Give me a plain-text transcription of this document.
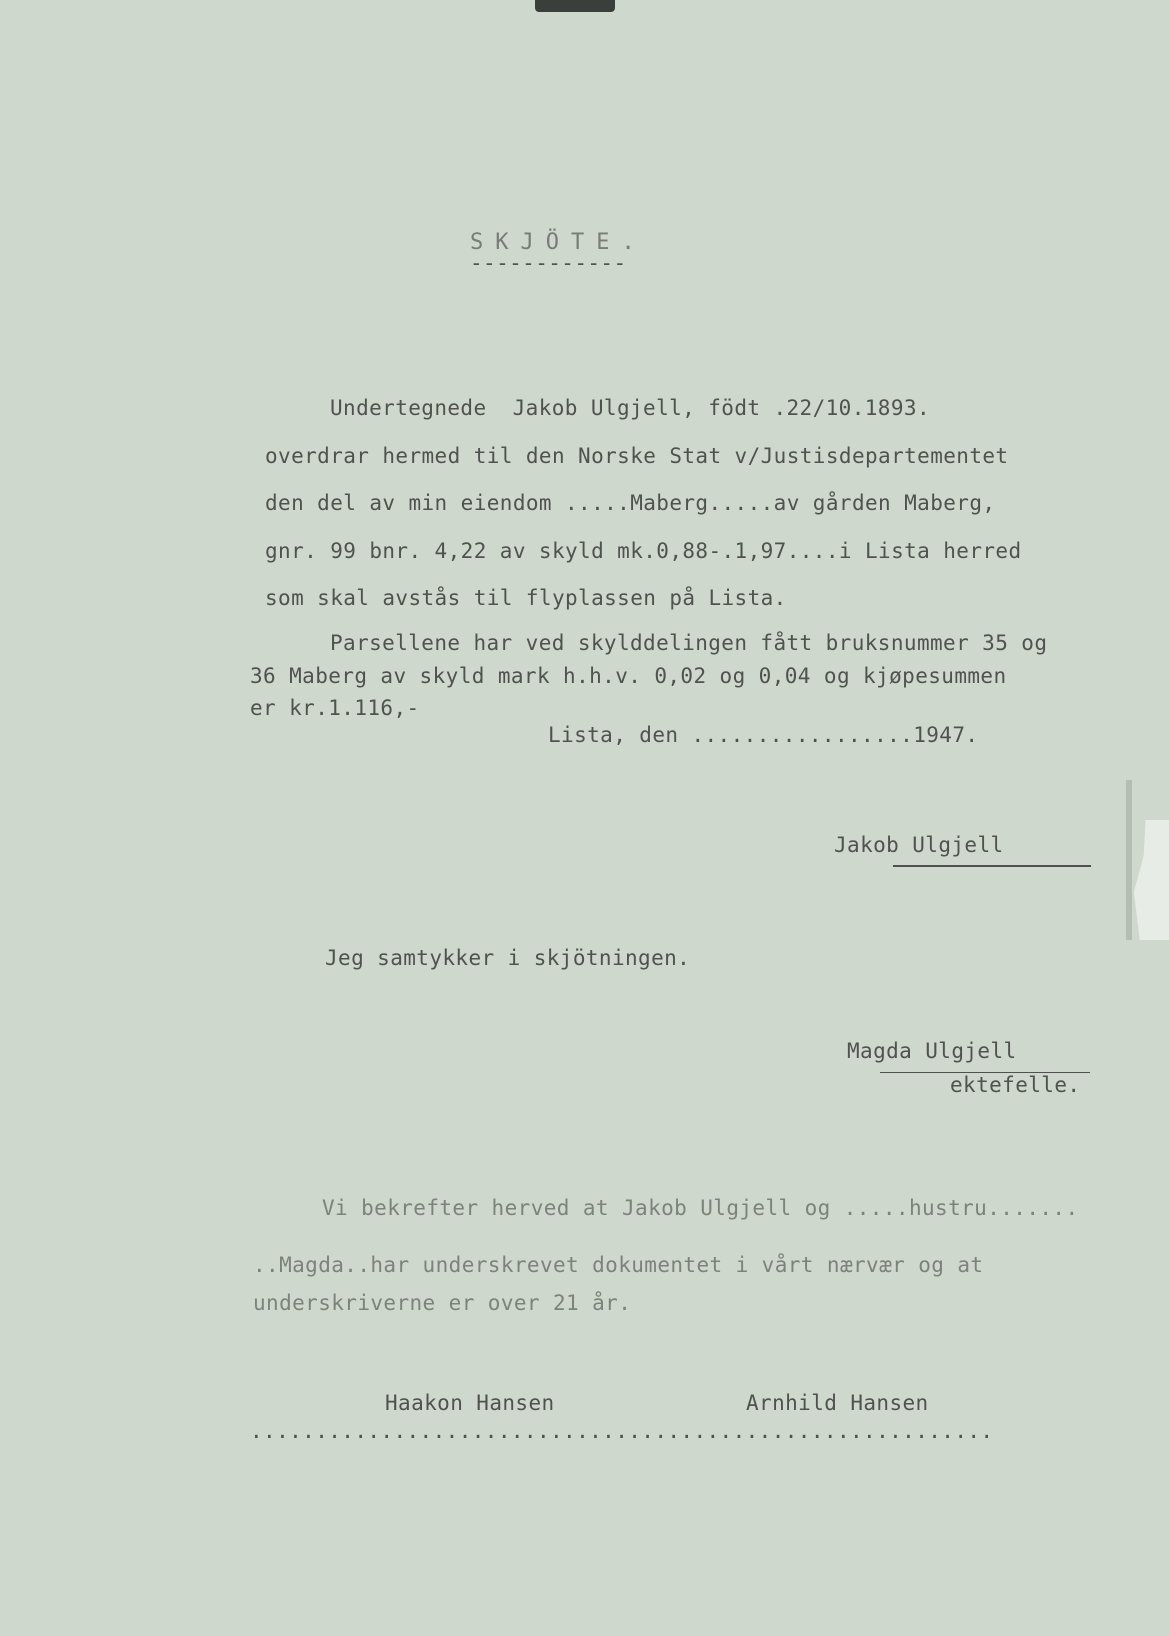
SKJÖTE.
------------
Undertegnede  Jakob Ulgjell, födt .22/10.1893.
overdrar hermed til den Norske Stat v/Justisdepartementet
den del av min eiendom .....Maberg.....av gården Maberg,
gnr. 99 bnr. 4,22 av skyld mk.0,88-.1,97....i Lista herred
som skal avstås til flyplassen på Lista.
Parsellene har ved skylddelingen fått bruksnummer 35 og
36 Maberg av skyld mark h.h.v. 0,02 og 0,04 og kjøpesummen
er kr.1.116,-
Lista, den .................1947.
Jakob Ulgjell
Jeg samtykker i skjötningen.
Magda Ulgjell
ektefelle.
Vi bekrefter herved at Jakob Ulgjell og .....hustru.......
..Magda..har underskrevet dokumentet i vårt nærvær og at
underskriverne er over 21 år.
Haakon Hansen	Arnhild Hansen
.........................................................
